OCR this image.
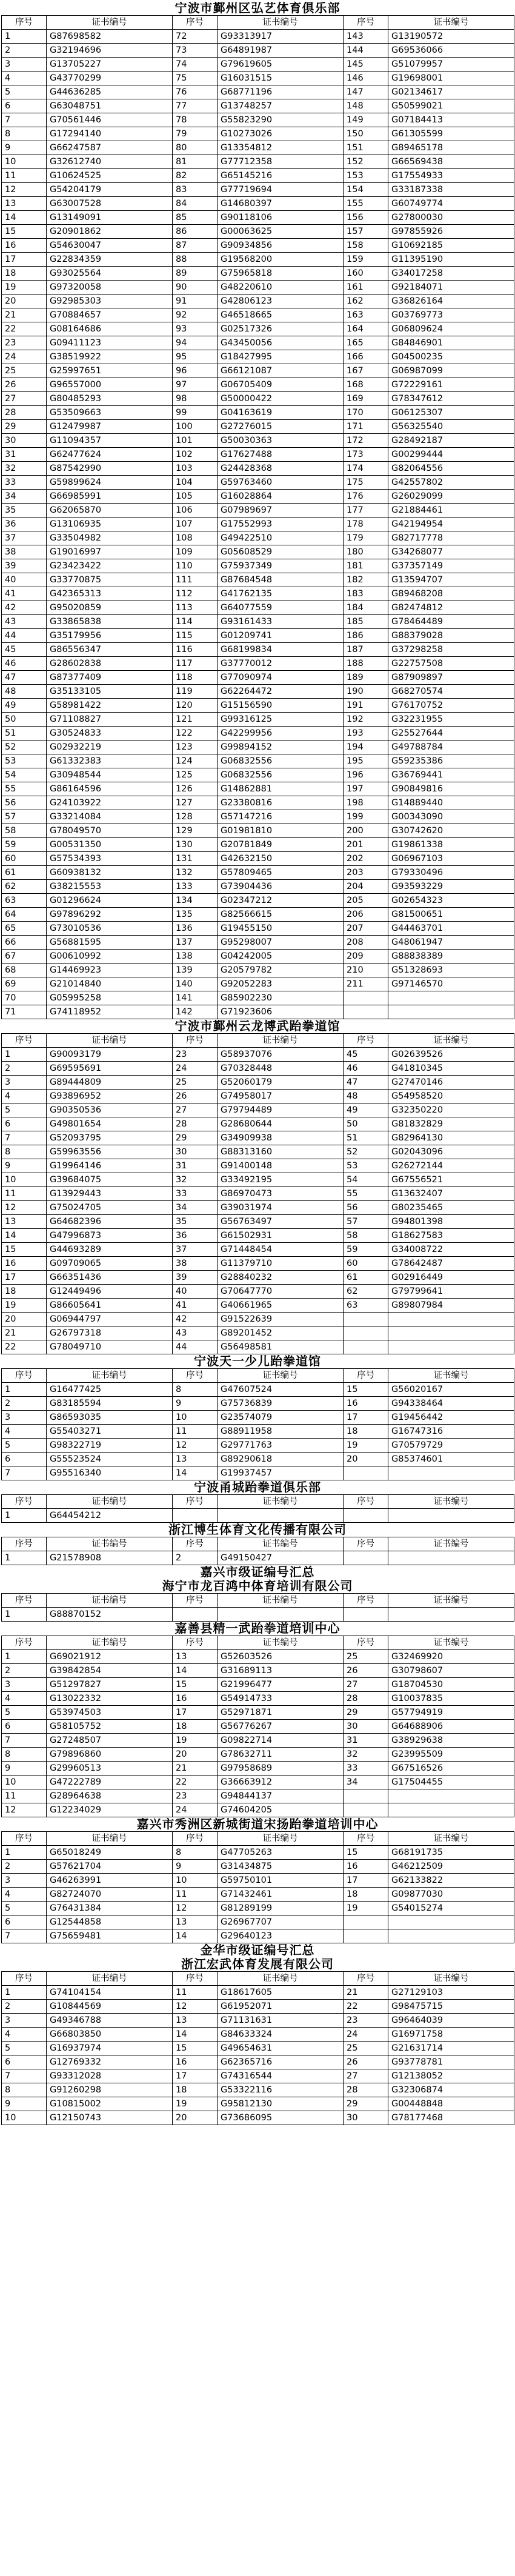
宁波市鄞州区弘艺体育俱乐部
序号	证书编号	序号	证书编号	序号	证书编号
1	G87698582	72	G93313917	143	G13190572
2	G32194696	73	G64891987	144	G69536066
3	G13705227	74	G79619605	145	G51079957
4	G43770299	75	G16031515	146	G19698001
5	G44636285	76	G68771196	147	G02134617
6	G63048751	77	G13748257	148	G50599021
7	G70561446	78	G55823290	149	G07184413
8	G17294140	79	G10273026	150	G61305599
9	G66247587	80	G13354812	151	G89465178
10	G32612740	81	G77712358	152	G66569438
11	G10624525	82	G65145216	153	G17554933
12	G54204179	83	G77719694	154	G33187338
13	G63007528	84	G14680397	155	G60749774
14	G13149091	85	G90118106	156	G27800030
15	G20901862	86	G00063625	157	G97855926
16	G54630047	87	G90934856	158	G10692185
17	G22834359	88	G19568200	159	G11395190
18	G93025564	89	G75965818	160	G34017258
19	G97320058	90	G48220610	161	G92184071
20	G92985303	91	G42806123	162	G36826164
21	G70884657	92	G46518665	163	G03769773
22	G08164686	93	G02517326	164	G06809624
23	G09411123	94	G43450056	165	G84846901
24	G38519922	95	G18427995	166	G04500235
25	G25997651	96	G66121087	167	G06987099
26	G96557000	97	G06705409	168	G72229161
27	G80485293	98	G50000422	169	G78347612
28	G53509663	99	G04163619	170	G06125307
29	G12479987	100	G27276015	171	G56325540
30	G11094357	101	G50030363	172	G28492187
31	G62477624	102	G17627488	173	G00299444
32	G87542990	103	G24428368	174	G82064556
33	G59899624	104	G59763460	175	G42557802
34	G66985991	105	G16028864	176	G26029099
35	G62065870	106	G07989697	177	G21884461
36	G13106935	107	G17552993	178	G42194954
37	G33504982	108	G49422510	179	G82717778
38	G19016997	109	G05608529	180	G34268077
39	G23423422	110	G75937349	181	G37357149
40	G33770875	111	G87684548	182	G13594707
41	G42365313	112	G41762135	183	G89468208
42	G95020859	113	G64077559	184	G82474812
43	G33865838	114	G93161433	185	G78464489
44	G35179956	115	G01209741	186	G88379028
45	G86556347	116	G68199834	187	G37298258
46	G28602838	117	G37770012	188	G22757508
47	G87377409	118	G77090974	189	G87909897
48	G35133105	119	G62264472	190	G68270574
49	G58981422	120	G15156590	191	G76170752
50	G71108827	121	G99316125	192	G32231955
51	G30524833	122	G42299956	193	G25527644
52	G02932219	123	G99894152	194	G49788784
53	G61332383	124	G06832556	195	G59235386
54	G30948544	125	G06832556	196	G36769441
55	G86164596	126	G14862881	197	G90849816
56	G24103922	127	G23380816	198	G14889440
57	G33214084	128	G57147216	199	G00343090
58	G78049570	129	G01981810	200	G30742620
59	G00531350	130	G20781849	201	G19861338
60	G57534393	131	G42632150	202	G06967103
61	G60938132	132	G57809465	203	G79330496
62	G38215553	133	G73904436	204	G93593229
63	G01296624	134	G02347212	205	G02654323
64	G97896292	135	G82566615	206	G81500651
65	G73010536	136	G19455150	207	G44463701
66	G56881595	137	G95298007	208	G48061947
67	G00610992	138	G04242005	209	G88838389
68	G14469923	139	G20579782	210	G51328693
69	G21014840	140	G92052283	211	G97146570
70	G05995258	141	G85902230		
71	G74118952	142	G71923606		
宁波市鄞州云龙博武跆拳道馆
序号	证书编号	序号	证书编号	序号	证书编号
1	G90093179	23	G58937076	45	G02639526
2	G69595691	24	G70328448	46	G41810345
3	G89444809	25	G52060179	47	G27470146
4	G93896952	26	G74958017	48	G54958520
5	G90350536	27	G79794489	49	G32350220
6	G49801654	28	G28680644	50	G81832829
7	G52093795	29	G34909938	51	G82964130
8	G59963556	30	G88313160	52	G02043096
9	G19964146	31	G91400148	53	G26272144
10	G39684075	32	G33492195	54	G67556521
11	G13929443	33	G86970473	55	G13632407
12	G75024705	34	G39031974	56	G80235465
13	G64682396	35	G56763497	57	G94801398
14	G47996873	36	G61502931	58	G18627583
15	G44693289	37	G71448454	59	G34008722
16	G09709065	38	G11379710	60	G78642487
17	G66351436	39	G28840232	61	G02916449
18	G12449496	40	G70647770	62	G79799641
19	G86605641	41	G40661965	63	G89807984
20	G06944797	42	G91522639		
21	G26797318	43	G89201452		
22	G78049710	44	G56498581		
宁波天一少儿跆拳道馆
序号	证书编号	序号	证书编号	序号	证书编号
1	G16477425	8	G47607524	15	G56020167
2	G83185594	9	G75736839	16	G94338464
3	G86593035	10	G23574079	17	G19456442
4	G55403271	11	G88911958	18	G16747316
5	G98322719	12	G29771763	19	G70579729
6	G55523524	13	G89290618	20	G85374601
7	G95516340	14	G19937457		
宁波甬城跆拳道俱乐部
序号	证书编号	序号	证书编号	序号	证书编号
1	G64454212				
浙江博生体育文化传播有限公司
序号	证书编号	序号	证书编号	序号	证书编号
1	G21578908	2	G49150427		
嘉兴市级证编号汇总
海宁市龙百鸿中体育培训有限公司
序号	证书编号	序号	证书编号	序号	证书编号
1	G88870152				
嘉善县精一武跆拳道培训中心
序号	证书编号	序号	证书编号	序号	证书编号
1	G69021912	13	G52603526	25	G32469920
2	G39842854	14	G31689113	26	G30798607
3	G51297827	15	G21996477	27	G18704530
4	G13022332	16	G54914733	28	G10037835
5	G53974503	17	G52971871	29	G57794919
6	G58105752	18	G56776267	30	G64688906
7	G27248507	19	G09822714	31	G38929638
8	G79896860	20	G78632711	32	G23995509
9	G29960513	21	G97958689	33	G67516526
10	G47222789	22	G36663912	34	G17504455
11	G28964638	23	G94844137		
12	G12234029	24	G74604205		
嘉兴市秀洲区新城街道宋扬跆拳道培训中心
序号	证书编号	序号	证书编号	序号	证书编号
1	G65018249	8	G47705263	15	G68191735
2	G57621704	9	G31434875	16	G46212509
3	G46263991	10	G59750101	17	G62133822
4	G82724070	11	G71432461	18	G09877030
5	G76431384	12	G81289199	19	G54015274
6	G12544858	13	G26967707		
7	G75659481	14	G29640123		
金华市级证编号汇总
浙江宏武体育发展有限公司
序号	证书编号	序号	证书编号	序号	证书编号
1	G74104154	11	G18617605	21	G27129103
2	G10844569	12	G61952071	22	G98475715
3	G49346788	13	G71131631	23	G96464039
4	G66803850	14	G84633324	24	G16971758
5	G16937974	15	G49654631	25	G21631714
6	G12769332	16	G62365716	26	G93778781
7	G93312028	17	G74316544	27	G12138052
8	G91260298	18	G53322116	28	G32306874
9	G10815002	19	G95812130	29	G00448848
10	G12150743	20	G73686095	30	G78177468
